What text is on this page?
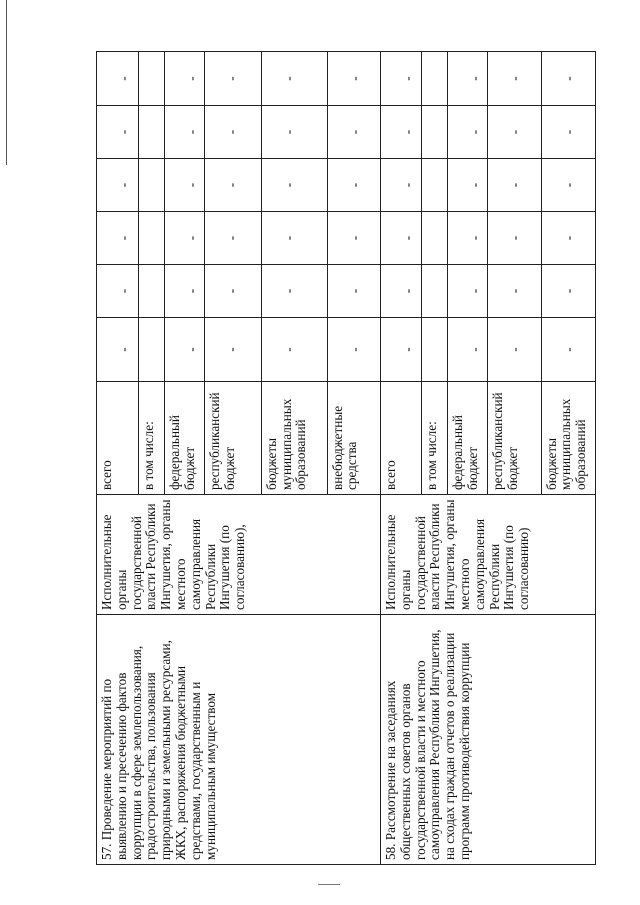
57. Проведение мероприятий по выявлению и пресечению фактов коррупции в сфере землепользования, градостроительства, пользования природными и земельными ресурсами, ЖКХ, распоряжения бюджетными средствами, государственным и муниципальным имуществом	Исполнительные органы государственной власти Республики Ингушетия, органы местного самоуправления Республики Ингушетия (по согласованию),	всего	-	-	-	-	-	-
		в том числе:						
		федеральный бюджет	-	-	-	-	-	-
		республиканский бюджет	-	-	-	-	-	-
		бюджеты муниципальных образований	-	-	-	-	-	-
		внебюджетные средства	-	-	-	-	-	-
58. Рассмотрение на заседаниях общественных советов органов государственной власти и местного самоуправления Республики Ингушетия, на сходах граждан отчетов о реализации программ противодействия коррупции	Исполнительные органы государственной власти Республики Ингушетия, органы местного самоуправления Республики Ингушетия (по согласованию)	всего	-	-	-	-	-	-
		в том числе:						
		федеральный бюджет	-	-	-	-	-	-
		республиканский бюджет	-	-	-	-	-	-
		бюджеты муниципальных образований	-	-	-	-	-	-
